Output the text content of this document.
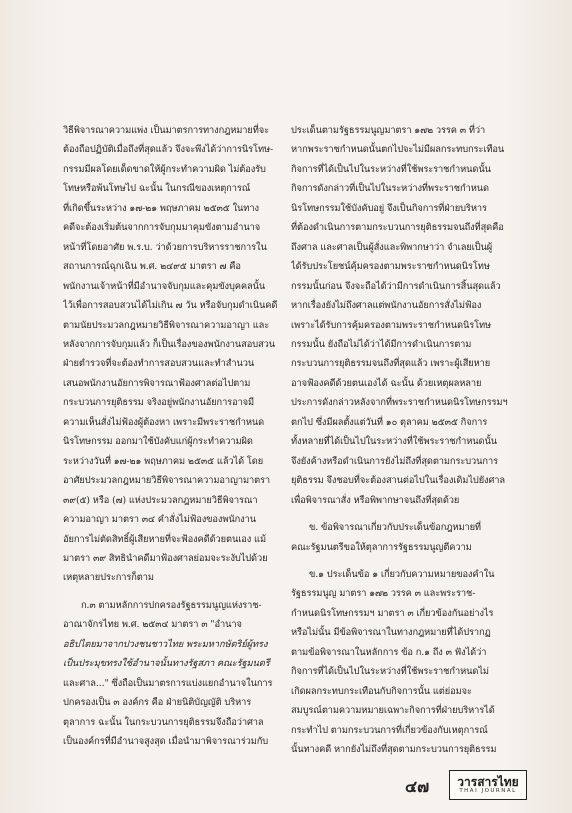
วิธีพิจารณาความแพ่ง เป็นมาตรการทางกฎหมายที่จะ
ต้องถือปฏิบัติเมื่อถึงที่สุดแล้ว จึงจะพึงได้ว่าการนิรโทษ-
กรรมมีผลโดยเด็ดขาดให้ผู้กระทำความผิด ไม่ต้องรับ
โทษหรือพ้นโทษไป ฉะนั้น ในกรณีของเหตุการณ์
ที่เกิดขึ้นระหว่าง ๑๗-๒๑ พฤษภาคม ๒๕๓๕ ในทาง
คดีจะต้องเริ่มต้นจากการจับกุมมาคุมขังตามอำนาจ
หน้าที่โดยอาศัย พ.ร.บ. ว่าด้วยการบริหารราชการใน
สถานการณ์ฉุกเฉิน พ.ศ. ๒๔๙๕ มาตรา ๗ คือ
พนักงานเจ้าหน้าที่มีอำนาจจับกุมและคุมขังบุคคลนั้น
ไว้เพื่อการสอบสวนได้ไม่เกิน ๗ วัน หรือจับกุมดำเนินคดี
ตามนัยประมวลกฎหมายวิธีพิจารณาความอาญา และ
หลังจากการจับกุมแล้ว ก็เป็นเรื่องของพนักงานสอบสวน
ฝ่ายตำรวจที่จะต้องทำการสอบสวนและทำสำนวน
เสนอพนักงานอัยการพิจารณาฟ้องศาลต่อไปตาม
กระบวนการยุติธรรม จริงอยู่พนักงานอัยการอาจมี
ความเห็นสั่งไม่ฟ้องผู้ต้องหา เพราะมีพระราชกำหนด
นิรโทษกรรม ออกมาใช้บังคับแก่ผู้กระทำความผิด
ระหว่างวันที่ ๑๗-๒๑ พฤษภาคม ๒๕๓๕ แล้วได้ โดย
อาศัยประมวลกฎหมายวิธีพิจารณาความอาญามาตรา
๓๙(๕) หรือ (๗) แห่งประมวลกฎหมายวิธีพิจารณา
ความอาญา มาตรา ๓๔ คำสั่งไม่ฟ้องของพนักงาน
อัยการไม่ตัดสิทธิ์ผู้เสียหายที่จะฟ้องคดีด้วยตนเอง แม้
มาตรา ๓๙ สิทธินำคดีมาฟ้องศาลย่อมจะระงับไปด้วย
เหตุหลายประการก็ตาม
ก.๓ ตามหลักการปกครองรัฐธรรมนูญแห่งราช-
อาณาจักรไทย พ.ศ. ๒๕๓๔ มาตรา ๓ "อำนาจ
อธิปไตยมาจากปวงชนชาวไทย พระมหากษัตริย์ผู้ทรง
เป็นประมุขทรงใช้อำนาจนั้นทางรัฐสภา คณะรัฐมนตรี
และศาล..." ซึ่งถือเป็นมาตรการแบ่งแยกอำนาจในการ
ปกครองเป็น ๓ องค์กร คือ ฝ่ายนิติบัญญัติ บริหาร
ตุลาการ ฉะนั้น ในกระบวนการยุติธรรมจึงถือว่าศาล
เป็นองค์กรที่มีอำนาจสูงสุด เมื่อนำมาพิจารณาร่วมกับ
ประเด็นตามรัฐธรรมนูญมาตรา ๑๗๒ วรรค ๓ ที่ว่า
หากพระราชกำหนดนั้นตกไปจะไม่มีผลกระทบกระเทือน
กิจการที่ได้เป็นไปในระหว่างที่ใช้พระราชกำหนดนั้น
กิจการดังกล่าวที่เป็นไปในระหว่างที่พระราชกำหนด
นิรโทษกรรมใช้บังคับอยู่ จึงเป็นกิจการที่ฝ่ายบริหาร
ที่ต้องดำเนินการตามกระบวนการยุติธรรมจนถึงที่สุดคือ
ถึงศาล และศาลเป็นผู้สั่งและพิพากษาว่า จำเลยเป็นผู้
ได้รับประโยชน์คุ้มครองตามพระราชกำหนดนิรโทษ
กรรมนั้นก่อน จึงจะถือได้ว่ามีการดำเนินการสิ้นสุดแล้ว
หากเรื่องยังไม่ถึงศาลแต่พนักงานอัยการสั่งไม่ฟ้อง
เพราะได้รับการคุ้มครองตามพระราชกำหนดนิรโทษ
กรรมนั้น ยังถือไม่ได้ว่าได้มีการดำเนินการตาม
กระบวนการยุติธรรมจนถึงที่สุดแล้ว เพราะผู้เสียหาย
อาจฟ้องคดีด้วยตนเองได้ ฉะนั้น ด้วยเหตุผลหลาย
ประการดังกล่าวหลังจากที่พระราชกำหนดนิรโทษกรรมฯ
ตกไป ซึ่งมีผลตั้งแต่วันที่ ๑๐ ตุลาคม ๒๕๓๕ กิจการ
ทั้งหลายที่ได้เป็นไปในระหว่างที่ใช้พระราชกำหนดนั้น
จึงยังค้างหรือดำเนินการยังไม่ถึงที่สุดตามกระบวนการ
ยุติธรรม จึงชอบที่จะต้องสานต่อไปในเรื่องเดิมไปยังศาล
เพื่อพิจารณาสั่ง หรือพิพากษาจนถึงที่สุดด้วย
ข. ข้อพิจารณาเกี่ยวกับประเด็นข้อกฎหมายที่
คณะรัฐมนตรีขอให้ตุลาการรัฐธรรมนูญตีความ
ข.๑ ประเด็นข้อ ๑ เกี่ยวกับความหมายของคำใน
รัฐธรรมนูญ มาตรา ๑๗๒ วรรค ๓ และพระราช-
กำหนดนิรโทษกรรมฯ มาตรา ๓ เกี่ยวข้องกันอย่างไร
หรือไม่นั้น มีข้อพิจารณาในทางกฎหมายที่ได้ปรากฏ
ตามข้อพิจารณาในหลักการ ข้อ ก.๑ ถึง ๓ ฟังได้ว่า
กิจการที่ได้เป็นไปในระหว่างที่ใช้พระราชกำหนดไม่
เกิดผลกระทบกระเทือนกับกิจการนั้น แต่ย่อมจะ
สมบูรณ์ตามความหมายเฉพาะกิจการที่ฝ่ายบริหารได้
กระทำไป ตามกระบวนการที่เกี่ยวข้องกับเหตุการณ์
นั้นทางคดี หากยังไม่ถึงที่สุดตามกระบวนการยุติธรรม
๔๗ วารสารไทย
THAI JOURNAL
